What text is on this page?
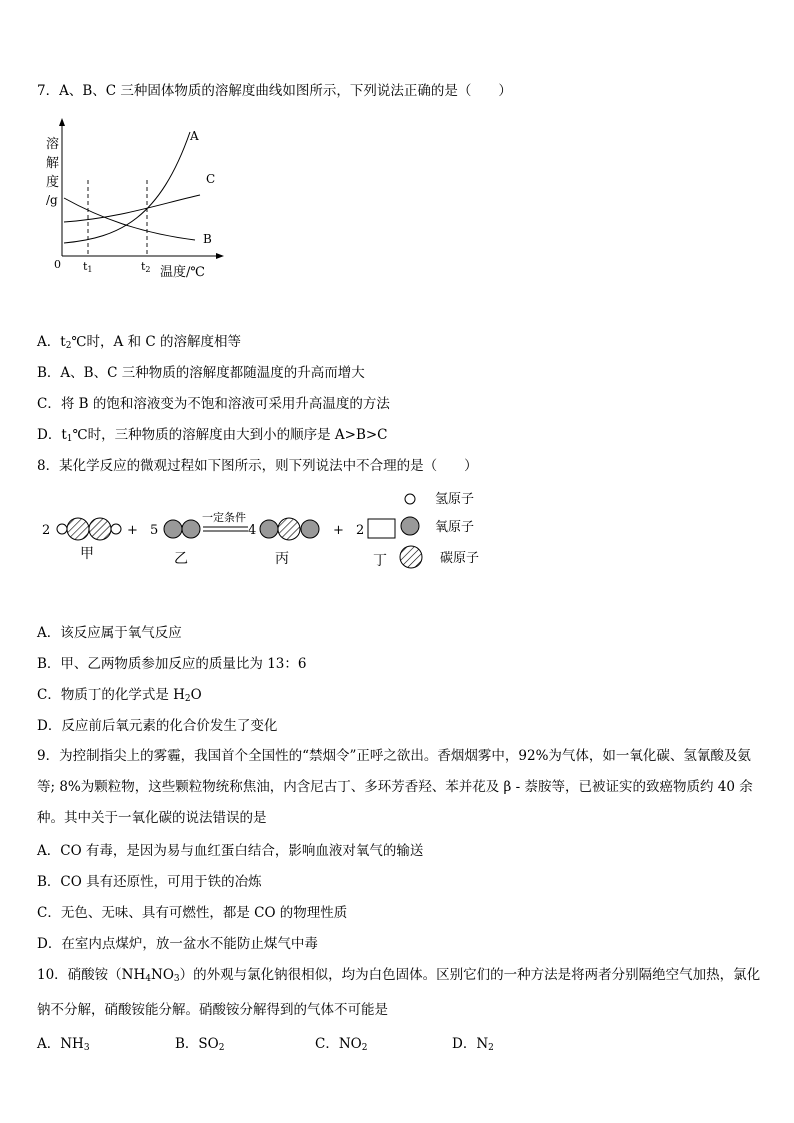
7．A、B、C 三种固体物质的溶解度曲线如图所示，下列说法正确的是（　　）
溶
解
度
/g
0 t1	t2 温度/℃
A
C
B
A．$t_2℃$时，A 和 C 的溶解度相等
B．A、B、C 三种物质的溶解度都随温度的升高而增大
C．将 B 的饱和溶液变为不饱和溶液可采用升高温度的方法
D．$t_1℃$时，三种物质的溶解度由大到小的顺序是 A>B>C
8．某化学反应的微观过程如下图所示，则下列说法中不合理的是（　　）
2
甲
+ 5
乙
一定条件
4
丙
+ 2
丁
氢原子
氧原子
碳原子
A．该反应属于氧气反应
B．甲、乙两物质参加反应的质量比为 13：6
C．物质丁的化学式是 $H_2O$
D．反应前后氧元素的化合价发生了变化
9．为控制指尖上的雾霾，我国首个全国性的“禁烟令”正呼之欲出。香烟烟雾中，92%为气体，如一氧化碳、氢氰酸及氨等; 8%为颗粒物，这些颗粒物统称焦油，内含尼古丁、多环芳香羟、苯并花及 β - 萘胺等，已被证实的致癌物质约 40 余种。其中关于一氧化碳的说法错误的是
A．CO 有毒，是因为易与血红蛋白结合，影响血液对氧气的输送
B．CO 具有还原性，可用于铁的冶炼
C．无色、无味、具有可燃性，都是 CO 的物理性质
D．在室内点煤炉，放一盆水不能防止煤气中毒
10．硝酸铵$(NH_4NO_3)$的外观与氯化钠很相似，均为白色固体。区别它们的一种方法是将两者分别隔绝空气加热，氯化钠不分解，硝酸铵能分解。硝酸铵分解得到的气体不可能是
A．$NH_3$	B．$SO_2$	C．$NO_2$	D．$N_2$
